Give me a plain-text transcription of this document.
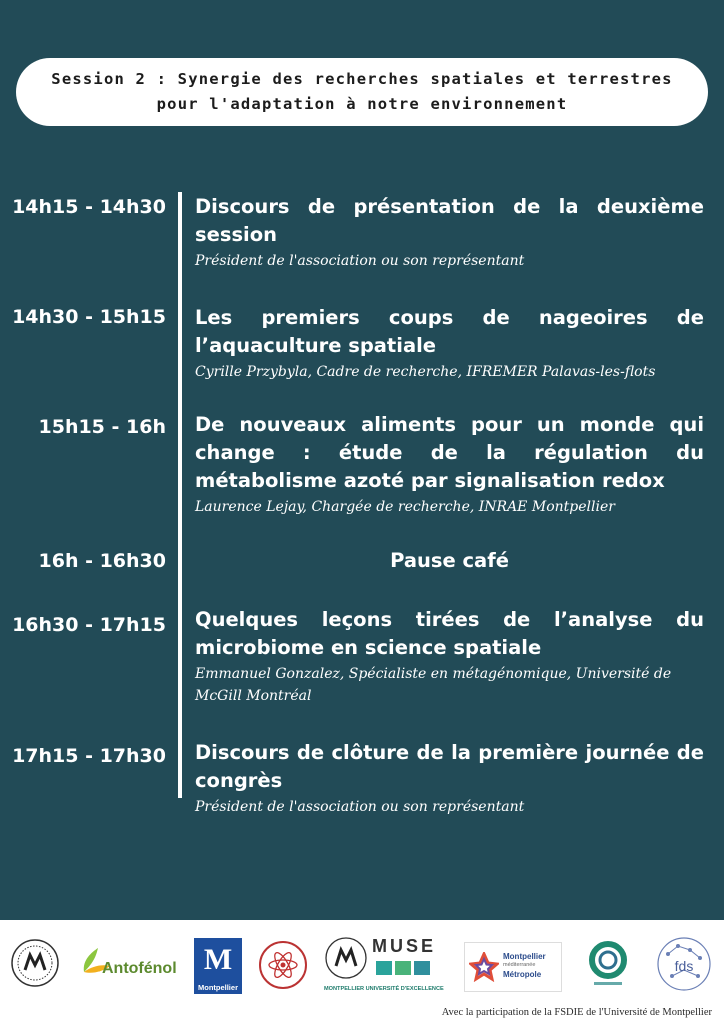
Session 2 : Synergie des recherches spatiales et terrestres
pour l'adaptation à notre environnement
14h15 - 14h30 Discours de présentation de la deuxième session
Président de l'association ou son représentant
14h30 - 15h15 Les premiers coups de nageoires de l’aquaculture spatiale
Cyrille Przybyla, Cadre de recherche, IFREMER Palavas-les-flots
15h15 - 16h De nouveaux aliments pour un monde qui change : étude de la régulation du métabolisme azoté par signalisation redox
Laurence Lejay, Chargée de recherche, INRAE Montpellier
16h - 16h30	Pause café
16h30 - 17h15 Quelques leçons tirées de l’analyse du microbiome en science spatiale
Emmanuel Gonzalez, Spécialiste en métagénomique, Université de McGill Montréal
17h15 - 17h30 Discours de clôture de la première journée de congrès
Président de l'association ou son représentant
Antofénol M
Montpellier
MUSE
MONTPELLIER UNIVERSITÉ D'EXCELLENCE
Montpellier
méditerranée
Métropole
fds
Avec la participation de la FSDIE de l'Université de Montpellier
